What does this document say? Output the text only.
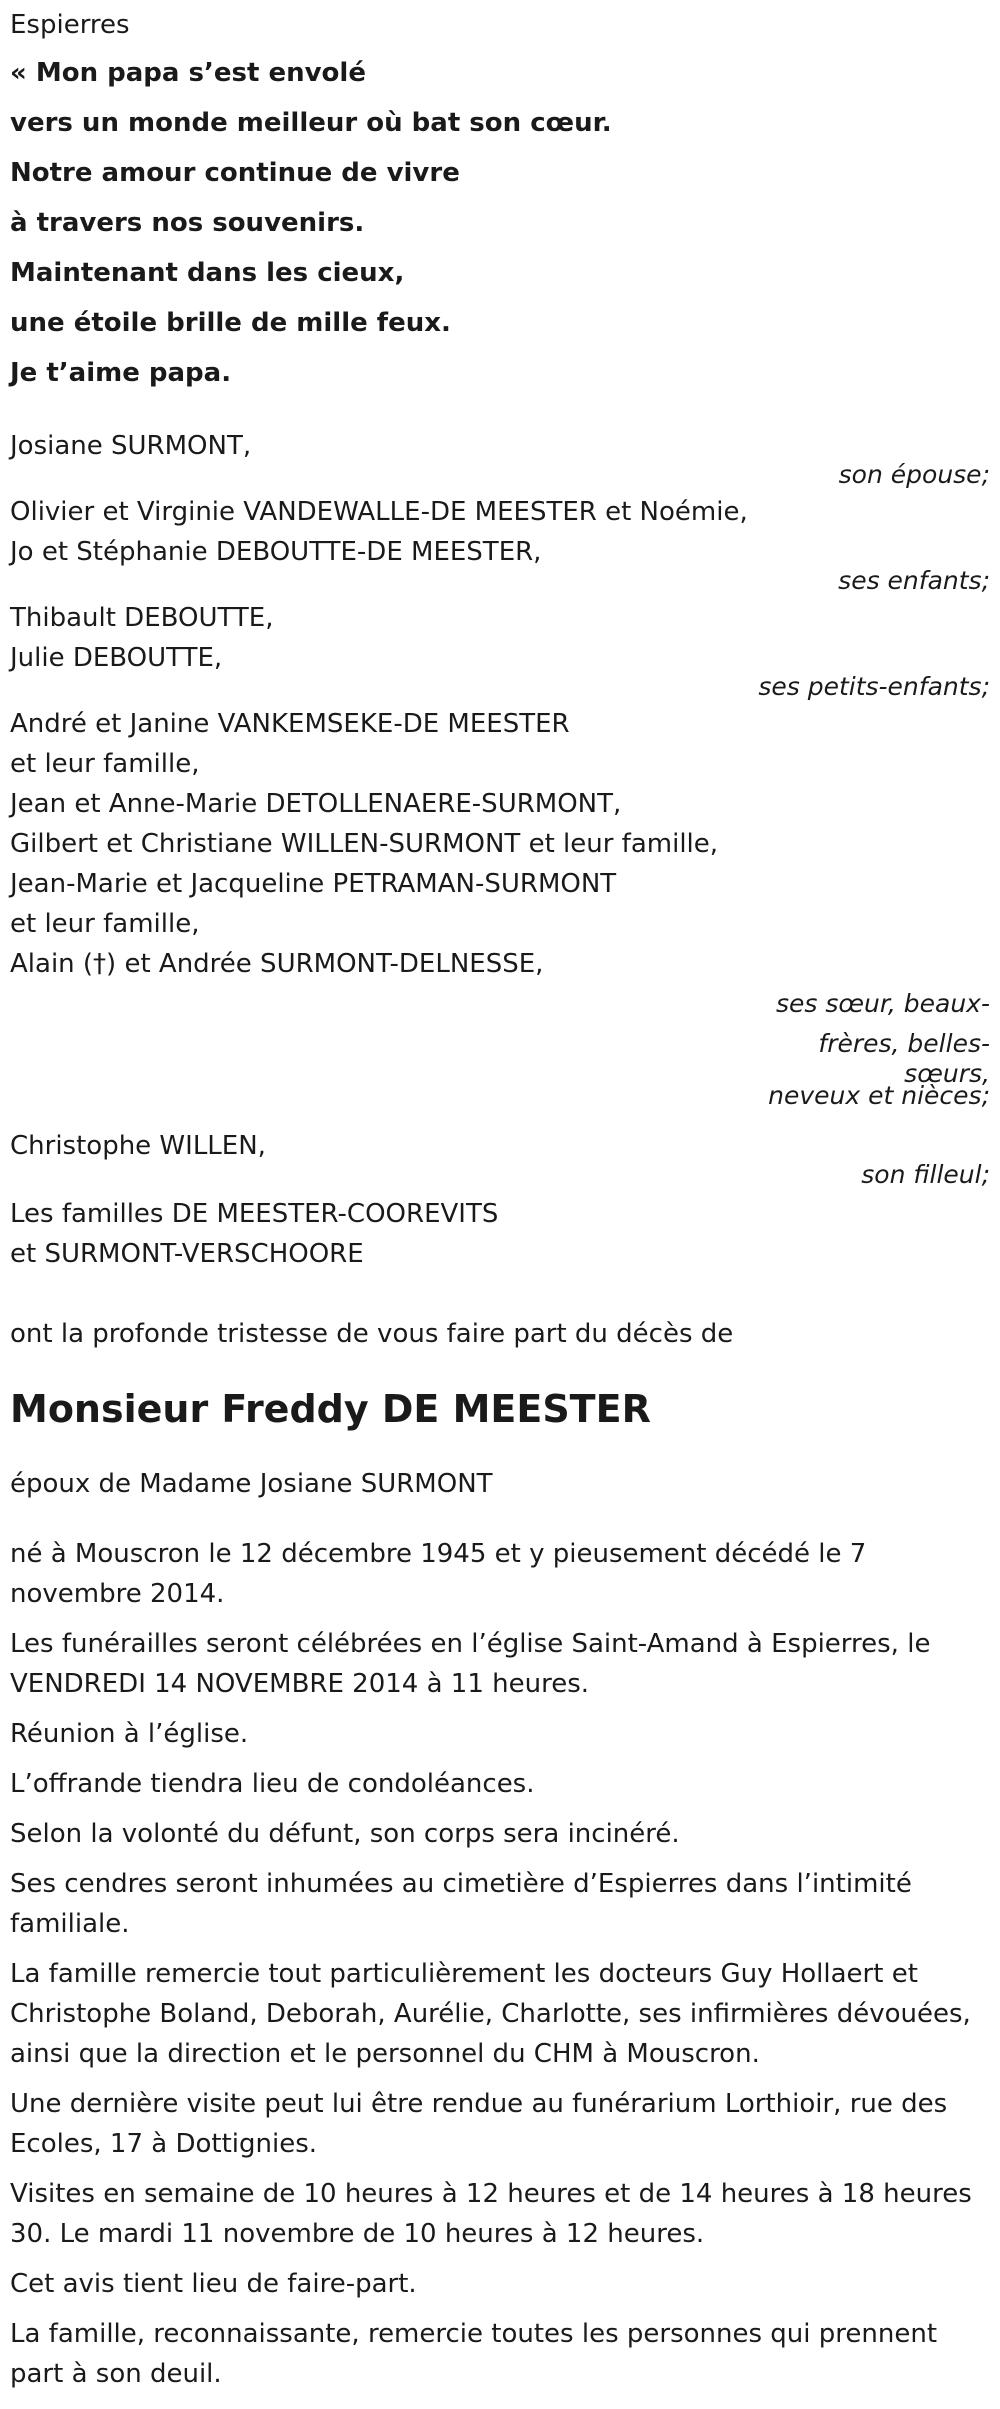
Espierres
« Mon papa s’est envolé
vers un monde meilleur où bat son cœur.
Notre amour continue de vivre
à travers nos souvenirs.
Maintenant dans les cieux,
une étoile brille de mille feux.
Je t’aime papa.
Josiane SURMONT,
son épouse;
Olivier et Virginie VANDEWALLE-DE MEESTER et Noémie,
Jo et Stéphanie DEBOUTTE-DE MEESTER,
ses enfants;
Thibault DEBOUTTE,
Julie DEBOUTTE,
ses petits-enfants;
André et Janine VANKEMSEKE-DE MEESTER
et leur famille,
Jean et Anne-Marie DETOLLENAERE-SURMONT,
Gilbert et Christiane WILLEN-SURMONT et leur famille,
Jean-Marie et Jacqueline PETRAMAN-SURMONT
et leur famille,
Alain (†) et Andrée SURMONT-DELNESSE,
ses sœur, beaux-
frères, belles-
sœurs,
neveux et nièces;
Christophe WILLEN,
son filleul;
Les familles DE MEESTER-COOREVITS
et SURMONT-VERSCHOORE
ont la profonde tristesse de vous faire part du décès de
Monsieur Freddy DE MEESTER
époux de Madame Josiane SURMONT

né à Mouscron le 12 décembre 1945 et y pieusement décédé le 7 novembre 2014.

Les funérailles seront célébrées en l’église Saint-Amand à Espierres, le VENDREDI 14 NOVEMBRE 2014 à 11 heures.

Réunion à l’église.

L’offrande tiendra lieu de condoléances.

Selon la volonté du défunt, son corps sera incinéré.

Ses cendres seront inhumées au cimetière d’Espierres dans l’intimité familiale.

La famille remercie tout particulièrement les docteurs Guy Hollaert et Christophe Boland, Deborah, Aurélie, Charlotte, ses infirmières dévouées, ainsi que la direction et le personnel du CHM à Mouscron.

Une dernière visite peut lui être rendue au funérarium Lorthioir, rue des Ecoles, 17 à Dottignies.

Visites en semaine de 10 heures à 12 heures et de 14 heures à 18 heures 30. Le mardi 11 novembre de 10 heures à 12 heures.

Cet avis tient lieu de faire-part.

La famille, reconnaissante, remercie toutes les personnes qui prennent part à son deuil.
